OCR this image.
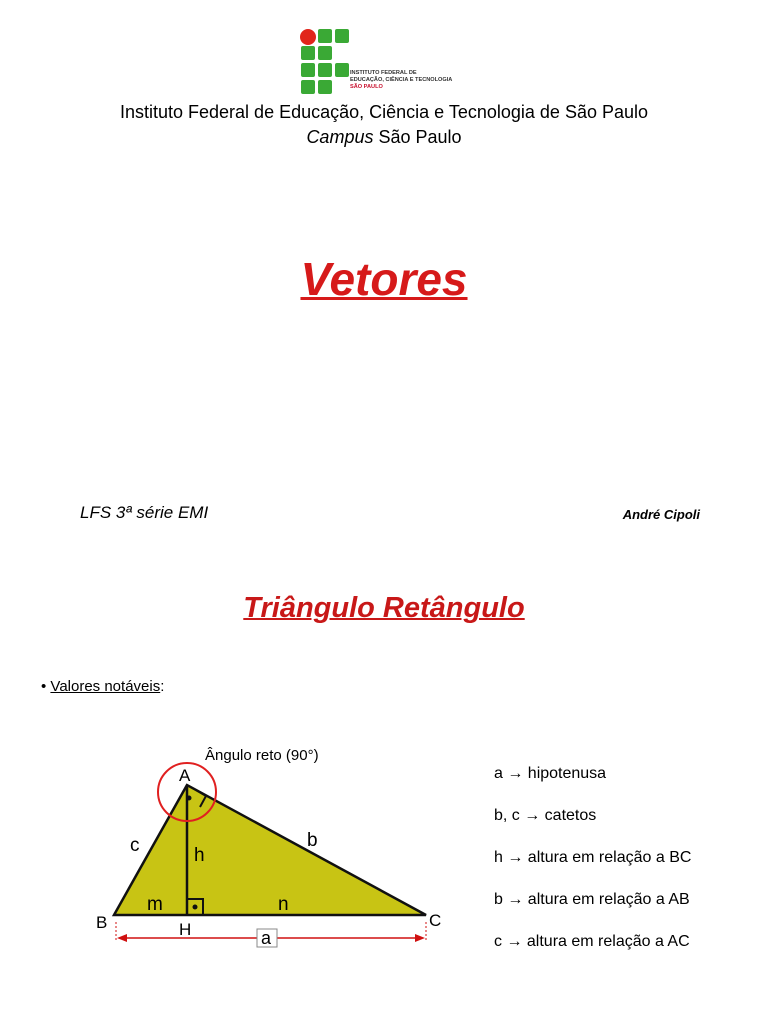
INSTITUTO FEDERAL DE
EDUCAÇÃO, CIÊNCIA E TECNOLOGIA
SÃO PAULO
Instituto Federal de Educação, Ciência e Tecnologia de São Paulo
Campus São Paulo
Vetores
LFS 3ª série EMI	André Cipoli
Triângulo Retângulo
• Valores notáveis:
Ângulo reto (90°)
A
B	C
H
c	b
h
m	n
a
a → hipotenusa
b, c → catetos
h → altura em relação a BC
b → altura em relação a AB
c → altura em relação a AC
